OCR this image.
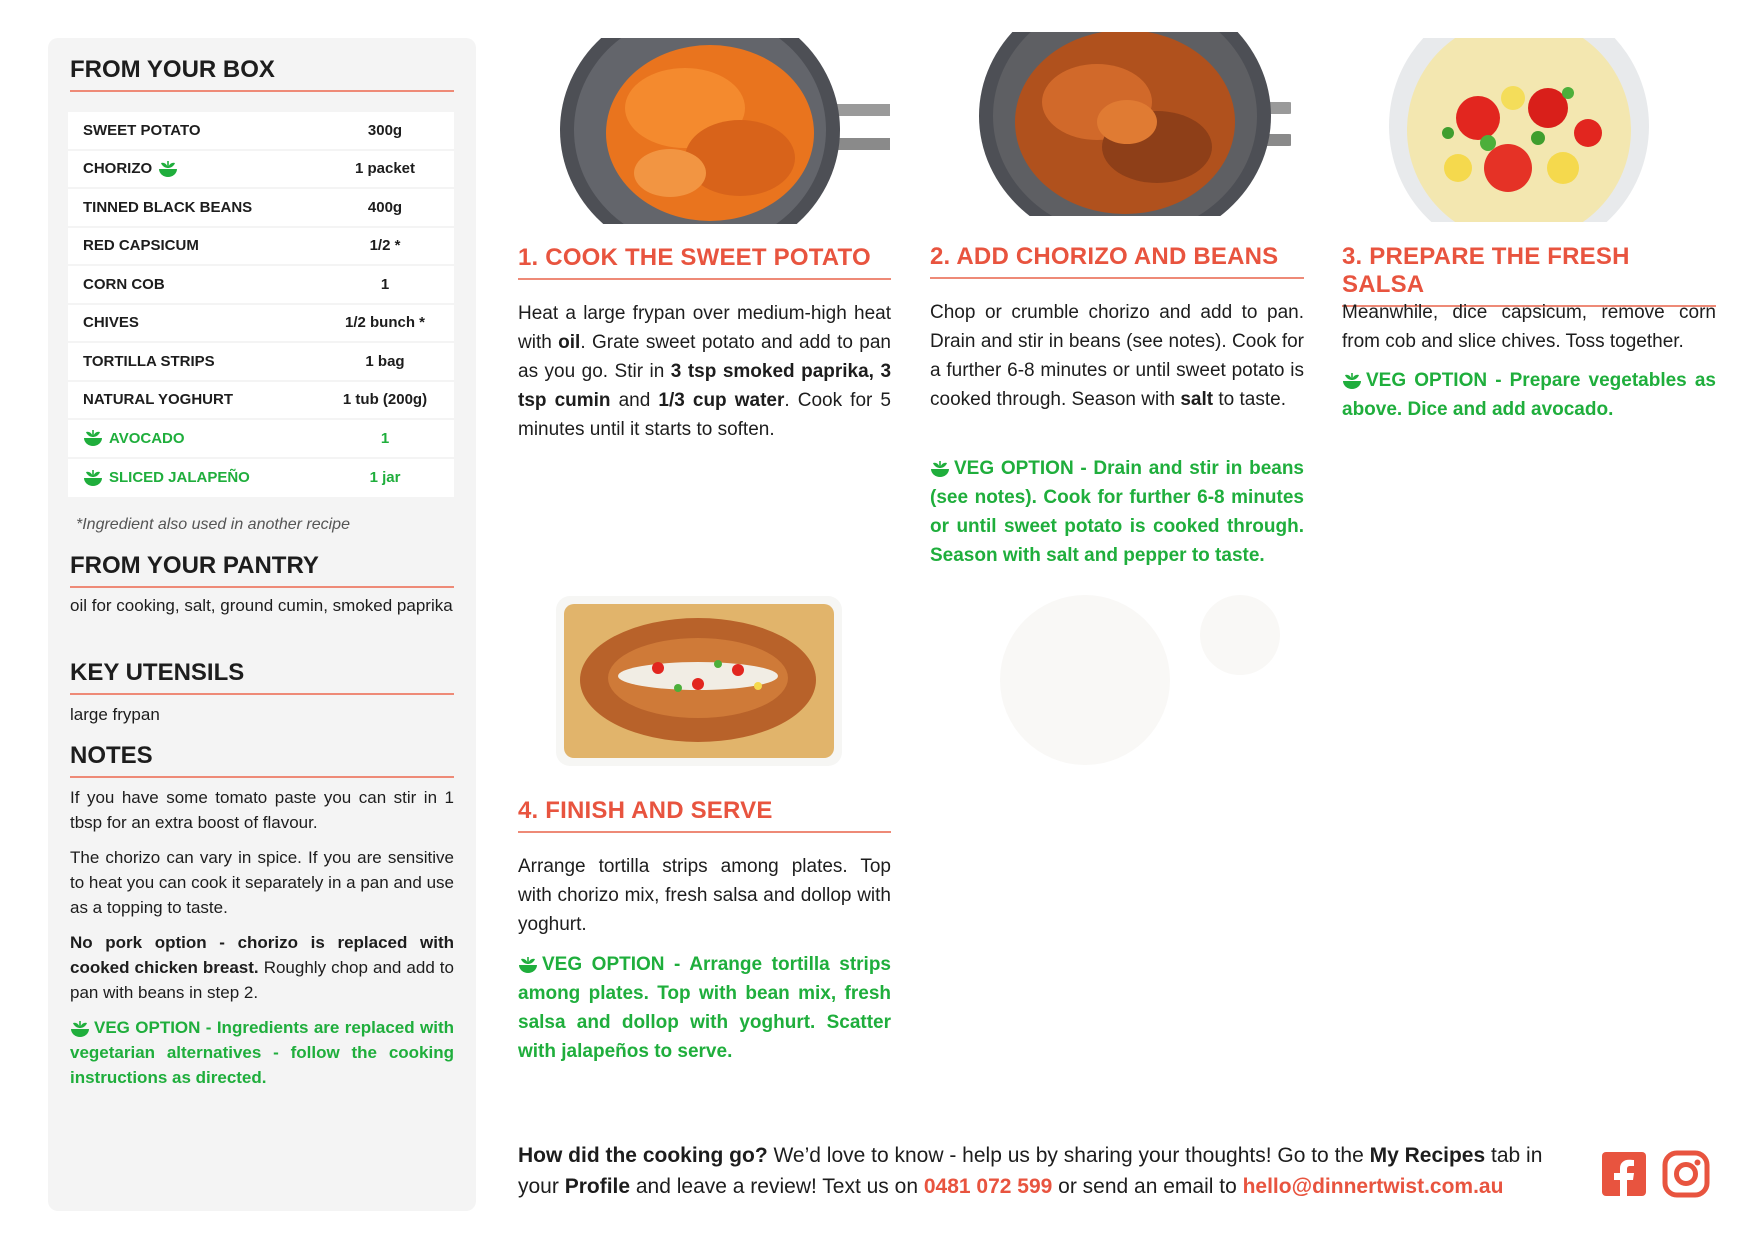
FROM YOUR BOX
SWEET POTATO	300g
CHORIZO	1 packet
TINNED BLACK BEANS	400g
RED CAPSICUM	1/2 *
CORN COB	1
CHIVES	1/2 bunch *
TORTILLA STRIPS	1 bag
NATURAL YOGHURT	1 tub (200g)
AVOCADO	1
SLICED JALAPEÑO	1 jar
*Ingredient also used in another recipe
FROM YOUR PANTRY
oil for cooking, salt, ground cumin, smoked paprika
KEY UTENSILS
large frypan
NOTES
If you have some tomato paste you can stir in 1 tbsp for an extra boost of flavour.
The chorizo can vary in spice. If you are sensitive to heat you can cook it separately in a pan and use as a topping to taste.
No pork option - chorizo is replaced with cooked chicken breast. Roughly chop and add to pan with beans in step 2.
VEG OPTION - Ingredients are replaced with vegetarian alternatives - follow the cooking instructions as directed.
1. COOK THE SWEET POTATO
Heat a large frypan over medium-high heat with oil. Grate sweet potato and add to pan as you go. Stir in 3 tsp smoked paprika, 3 tsp cumin and 1/3 cup water. Cook for 5 minutes until it starts to soften.
2. ADD CHORIZO AND BEANS
Chop or crumble chorizo and add to pan. Drain and stir in beans (see notes). Cook for a further 6-8 minutes or until sweet potato is cooked through. Season with salt to taste.
VEG OPTION - Drain and stir in beans (see notes). Cook for further 6-8 minutes or until sweet potato is cooked through. Season with salt and pepper to taste.
3. PREPARE THE FRESH SALSA
Meanwhile, dice capsicum, remove corn from cob and slice chives. Toss together.
VEG OPTION - Prepare vegetables as above. Dice and add avocado.
4. FINISH AND SERVE
Arrange tortilla strips among plates. Top with chorizo mix, fresh salsa and dollop with yoghurt.
VEG OPTION - Arrange tortilla strips among plates. Top with bean mix, fresh salsa and dollop with yoghurt. Scatter with jalapeños to serve.
How did the cooking go? We’d love to know - help us by sharing your thoughts! Go to the My Recipes tab in your Profile and leave a review! Text us on 0481 072 599 or send an email to hello@dinnertwist.com.au
